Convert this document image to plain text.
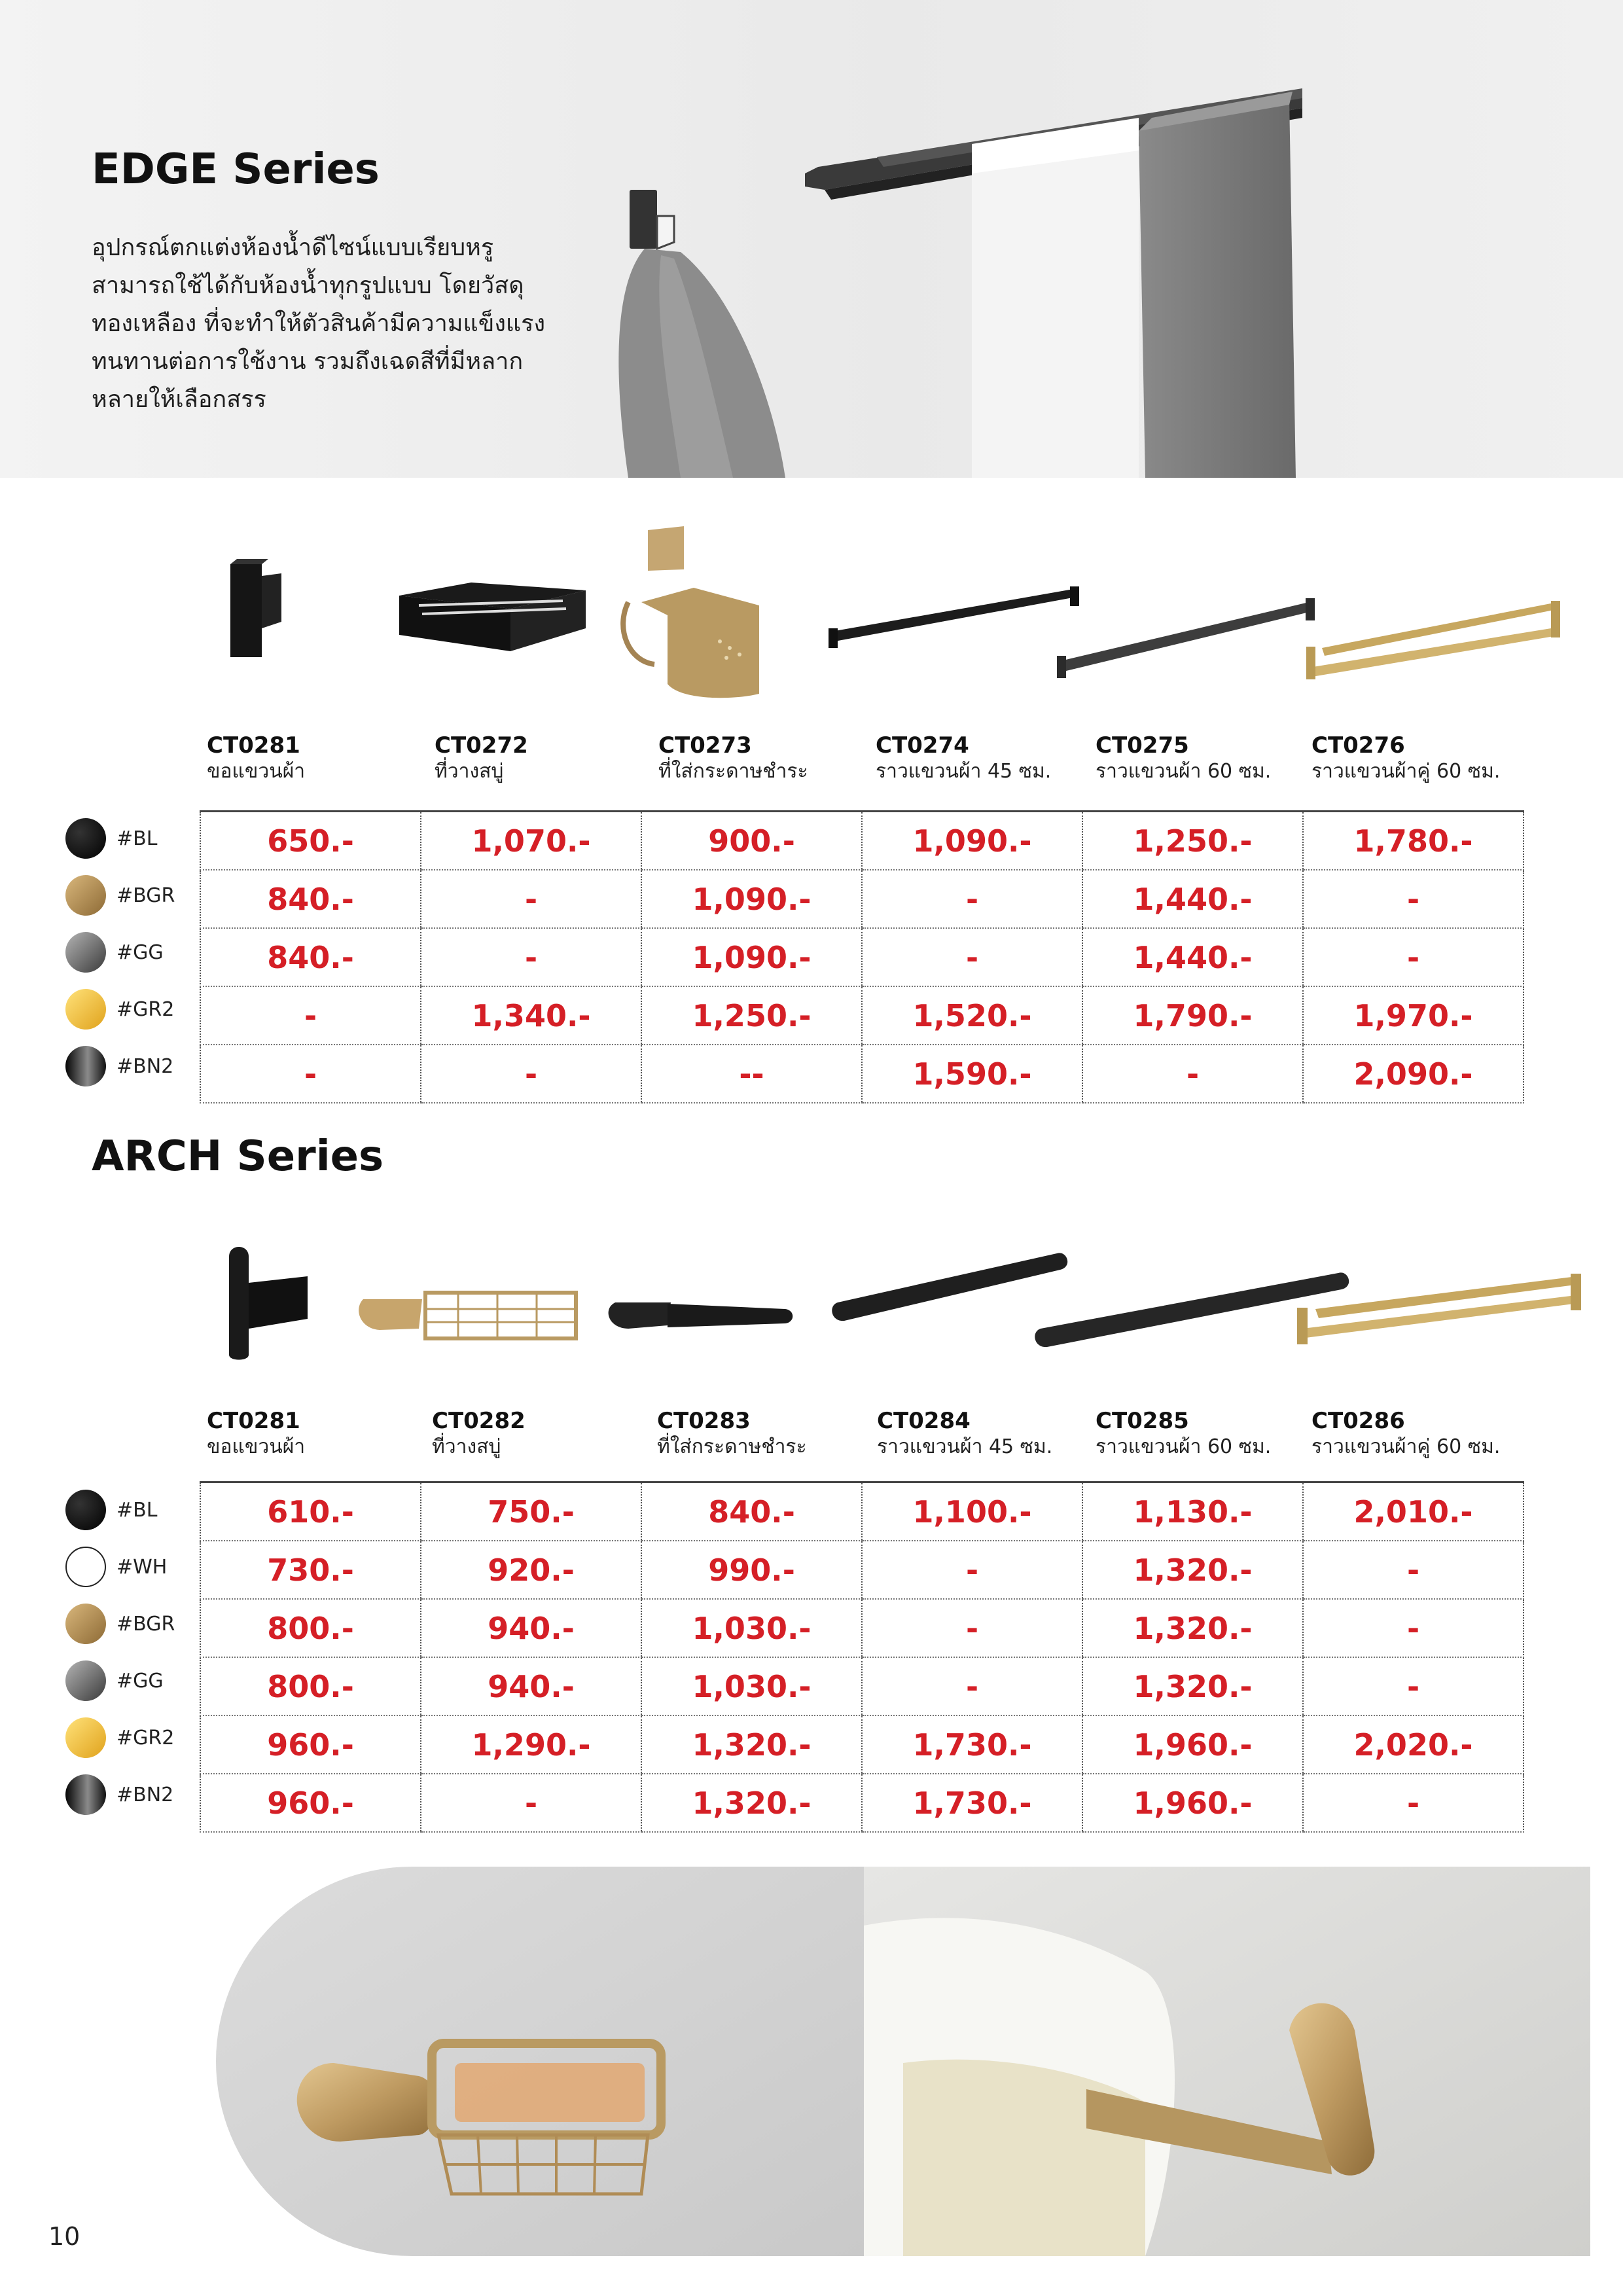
EDGE Series
อุปกรณ์ตกแต่งห้องน้ำดีไซน์แบบเรียบหรู
สามารถใช้ได้กับห้องน้ำทุกรูปแบบ โดยวัสดุ
ทองเหลือง ที่จะทำให้ตัวสินค้ามีความแข็งแรง
ทนทานต่อการใช้งาน รวมถึงเฉดสีที่มีหลาก
หลายให้เลือกสรร
CT0281
ขอแขวนผ้า
CT0272
ที่วางสบู่
CT0273
ที่ใส่กระดาษชำระ
CT0274
ราวแขวนผ้า 45 ซม.
CT0275
ราวแขวนผ้า 60 ซม.
CT0276
ราวแขวนผ้าคู่ 60 ซม.
#BL
#BGR
#GG
#GR2
#BN2
650.-	1,070.-	900.-	1,090.-	1,250.-	1,780.-
840.-	-	1,090.-	-	1,440.-	-
840.-	-	1,090.-	-	1,440.-	-
-	1,340.-	1,250.-	1,520.-	1,790.-	1,970.-
-	-	--	1,590.-	-	2,090.-
ARCH Series
CT0281
ขอแขวนผ้า
CT0282
ที่วางสบู่
CT0283
ที่ใส่กระดาษชำระ
CT0284
ราวแขวนผ้า 45 ซม.
CT0285
ราวแขวนผ้า 60 ซม.
CT0286
ราวแขวนผ้าคู่ 60 ซม.
#BL
#WH
#BGR
#GG
#GR2
#BN2
610.-	750.-	840.-	1,100.-	1,130.-	2,010.-
730.-	920.-	990.-	-	1,320.-	-
800.-	940.-	1,030.-	-	1,320.-	-
800.-	940.-	1,030.-	-	1,320.-	-
960.-	1,290.-	1,320.-	1,730.-	1,960.-	2,020.-
960.-	-	1,320.-	1,730.-	1,960.-	-
10
